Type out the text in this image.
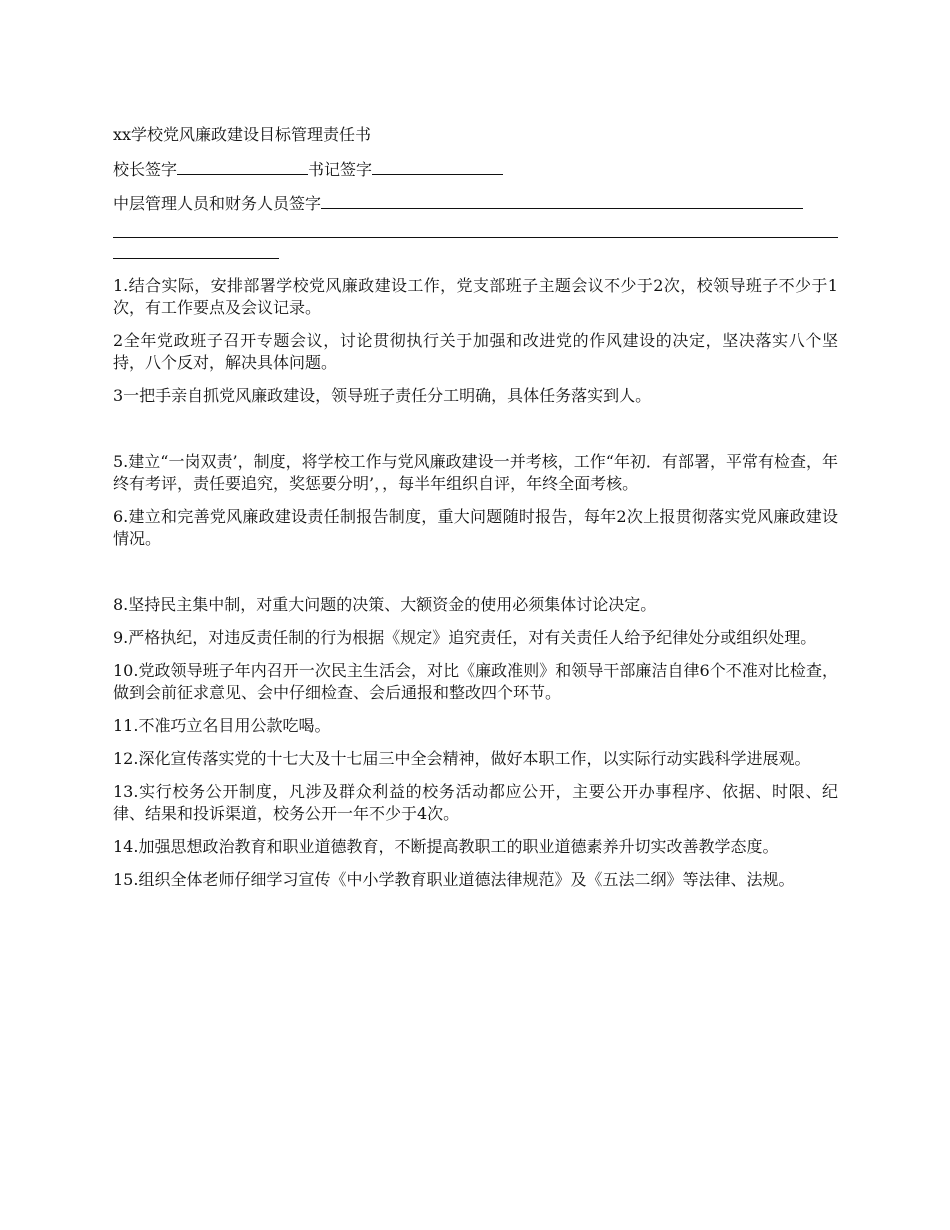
xx学校党风廉政建设目标管理责任书

校长签字	书记签字

中层管理人员和财务人员签字

1.结合实际，安排部署学校党风廉政建设工作，党支部班子主题会议不少于2次，校领导班子不少于1次，有工作要点及会议记录。

2全年党政班子召开专题会议，讨论贯彻执行关于加强和改进党的作风建设的决定，坚决落实八个坚持，八个反对，解决具体问题。

3一把手亲自抓党风廉政建设，领导班子责任分工明确，具体任务落实到人。

5.建立“一岗双责’，制度，将学校工作与党风廉政建设一并考核，工作“年初．有部署，平常有检查，年终有考评，责任要追究，奖惩要分明’，，每半年组织自评，年终全面考核。

6.建立和完善党风廉政建设责任制报告制度，重大问题随时报告，每年2次上报贯彻落实党风廉政建设情况。

8.坚持民主集中制，对重大问题的决策、大额资金的使用必须集体讨论决定。

9.严格执纪，对违反责任制的行为根据《规定》追究责任，对有关责任人给予纪律处分或组织处理。

10.党政领导班子年内召开一次民主生活会，对比《廉政准则》和领导干部廉洁自律6个不准对比检查，做到会前征求意见、会中仔细检查、会后通报和整改四个环节。

11.不准巧立名目用公款吃喝。

12.深化宣传落实党的十七大及十七届三中全会精神，做好本职工作，以实际行动实践科学进展观。

13.实行校务公开制度，凡涉及群众利益的校务活动都应公开，主要公开办事程序、依据、时限、纪律、结果和投诉渠道，校务公开一年不少于4次。

14.加强思想政治教育和职业道德教育，不断提高教职工的职业道德素养升切实改善教学态度。

15.组织全体老师仔细学习宣传《中小学教育职业道德法律规范》及《五法二纲》等法律、法规。
